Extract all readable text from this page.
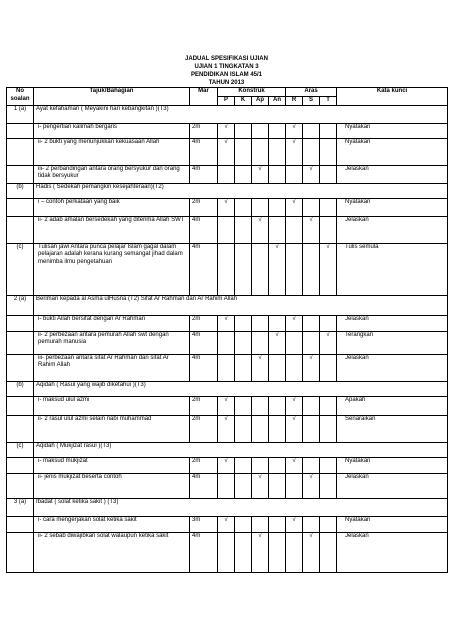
JADUAL SPESIFIKASI UJIAN
UJIAN 1 TINGKATAN 3
PENDIDIKAN ISLAM 45/1
TAHUN 2013
No soalan	Tajuk/Bahagian	Mar	Konstruk				Aras			Kata kunci
			P	K	Ap	An	R	S	T	
1 (a)	Ayat kefahaman ( Meyakini hari kebangkitan )(T3)									
	i- pengertian kalimah bergaris	2m	√				√			Nyatakan
	ii- 2 bukti yang menunjukkan kekuasaan Allah	4m	√				√			Nyatakan
	iii- 2 perbandingan antara orang bersyukur dan orang tidak bersyukur	4m			√			√		Jelaskan
(b)	Hadis ( Sedekah pemangkin kesejahteraan)(T2)									
	i – contoh perkataan yang baik	2m	√				√			Nyatakan
	ii- 2 adab amalan bersedekah yang diterima Allah SWT	4m			√			√		Jelaskan
(c)	Tulisan jawi Antara punca pelajar Islam gagal dalam pelajaran adalah kerana kurang semangat jihad dalam menimba ilmu pengetahuan	4m				√			√	Tulis semula
2 (a)	Beriman kepada al Asma ulHusna (T2) Sifat Ar Rahman dan Ar Rahim Allah									
	i- bukti Allah bersifat dengan Ar Rahman	2m	√				√			Jelaskan
	ii- 2 perbezaan antara pemurah Allah swt dengan pemurah manusia	4m				√			√	Terangkan
	iii- perbezaan antara sifat Ar Rahman dan sifat Ar Rahim Allah	4m			√			√		Jelaskan
(b)	Aqidah ( Rasul yang wajib diketahui )(T3)									
	i- maksud ulul azmi	2m	√				√			Apakah
	ii- 2 rasul ulul azmi selain nabi muhammad	2m	√				√			Senaraikan
(c)	Aqidah ( Mukjizat rasul )(T3)									
	i- maksud mukjizat	2m	√				√			Nyatakan
	ii- jenis mukjizat beserta contoh	4m			√			√		Jelaskan
3 (a)	Ibadat ( solat ketika sakit ) (T3)									
	i- cara mengerjakan solat ketika sakit	3m	√				√			Nyatakan
	ii- 2 sebab diwajibkan solat walaupun ketika sakit	4m			√			√		Jelaskan
